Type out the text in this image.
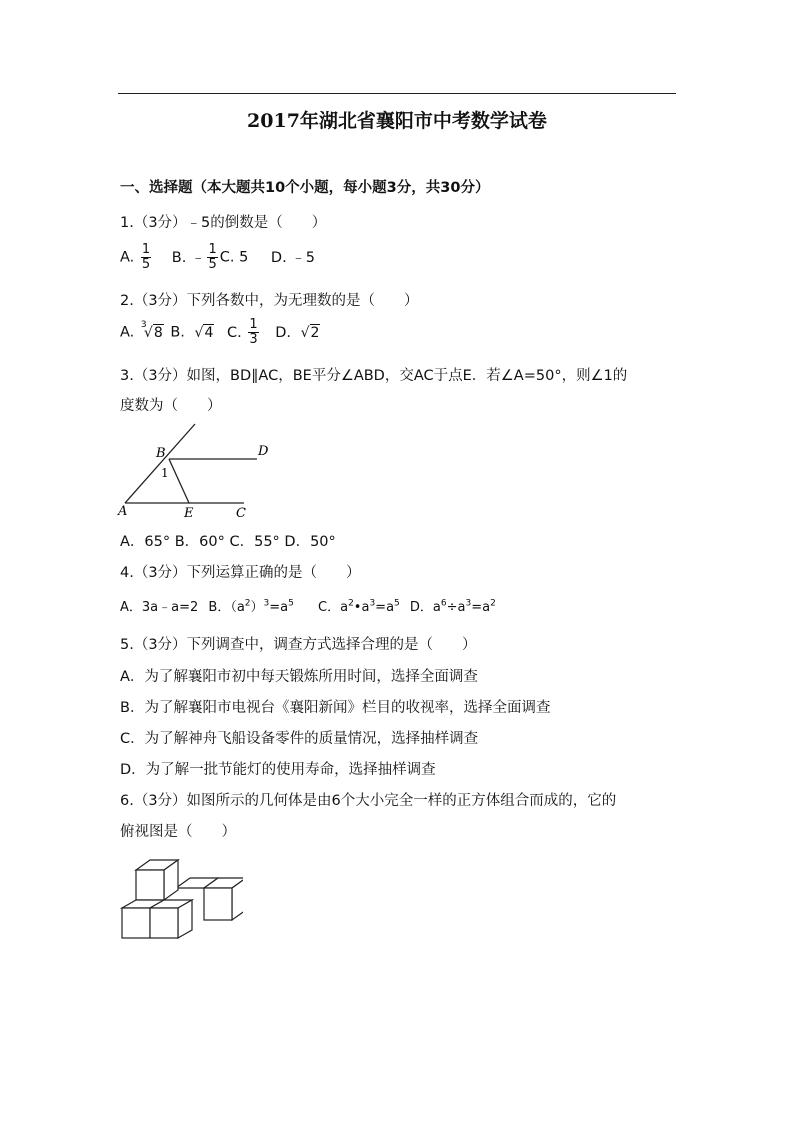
2017年湖北省襄阳市中考数学试卷
一、选择题（本大题共10个小题，每小题3分，共30分）
1.（3分）﹣5的倒数是（　　）
A. $\frac{1}{5} B$. ﹣ $\frac{1}{5} C$. 5 D. ﹣5
2.（3分）下列各数中，为无理数的是（　　）
A. 3
√8 B. √4 C. $\frac{1}{3} D$. √2
3.（3分）如图，BD∥AC，BE平分∠ABD，交AC于点E．若∠A=50°，则∠1的
度数为（　　）
B	D
1
A	E	C
A．65° B．60° C．55° D．50°
4.（3分）下列运算正确的是（　　）
A．3a﹣a=2 B．$(a^2)^3=a^5$ C．$a^2•a^3=a^5$ D．$a^6\div a^3=a^2$
5.（3分）下列调查中，调查方式选择合理的是（　　）
A．为了解襄阳市初中每天锻炼所用时间，选择全面调查
B．为了解襄阳市电视台《襄阳新闻》栏目的收视率，选择全面调查
C．为了解神舟飞船设备零件的质量情况，选择抽样调查
D．为了解一批节能灯的使用寿命，选择抽样调查
6.（3分）如图所示的几何体是由6个大小完全一样的正方体组合而成的，它的
俯视图是（　　）
